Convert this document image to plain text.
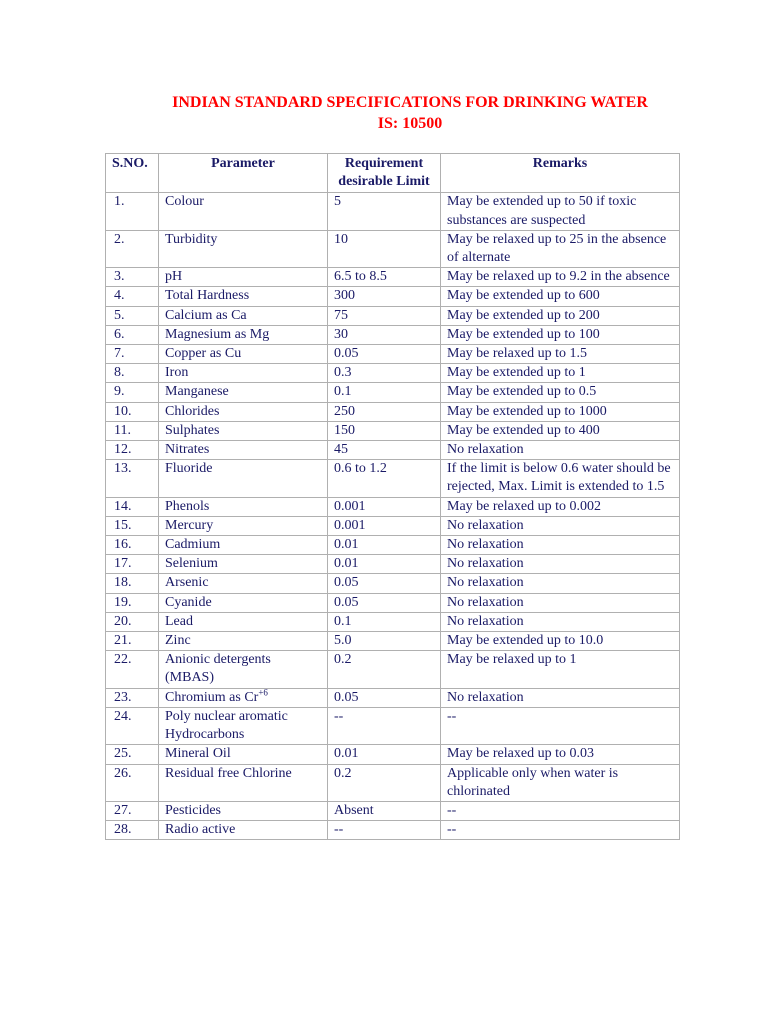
INDIAN STANDARD SPECIFICATIONS FOR DRINKING WATER
IS: 10500
S.NO.	Parameter	Requirement desirable Limit	Remarks
1.	Colour	5	May be extended up to 50 if toxic substances are suspected
2.	Turbidity	10	May be relaxed up to 25 in the absence of alternate
3.	pH	6.5 to 8.5	May be relaxed up to 9.2 in the absence
4.	Total Hardness	300	May be extended up to 600
5.	Calcium as Ca	75	May be extended up to 200
6.	Magnesium as Mg	30	May be extended up to 100
7.	Copper as Cu	0.05	May be relaxed up to 1.5
8.	Iron	0.3	May be extended up to 1
9.	Manganese	0.1	May be extended up to 0.5
10.	Chlorides	250	May be extended up to 1000
11.	Sulphates	150	May be extended up to 400
12.	Nitrates	45	No relaxation
13.	Fluoride	0.6 to 1.2	If the limit is below 0.6 water should be rejected, Max. Limit is extended to 1.5
14.	Phenols	0.001	May be relaxed up to 0.002
15.	Mercury	0.001	No relaxation
16.	Cadmium	0.01	No relaxation
17.	Selenium	0.01	No relaxation
18.	Arsenic	0.05	No relaxation
19.	Cyanide	0.05	No relaxation
20.	Lead	0.1	No relaxation
21.	Zinc	5.0	May be extended up to 10.0
22.	Anionic detergents (MBAS)	0.2	May be relaxed up to 1
23.	Chromium as $Cr^{+6}$	0.05	No relaxation
24.	Poly nuclear aromatic Hydrocarbons	--	--
25.	Mineral Oil	0.01	May be relaxed up to 0.03
26.	Residual free Chlorine	0.2	Applicable only when water is chlorinated
27.	Pesticides	Absent	--
28.	Radio active	--	--
